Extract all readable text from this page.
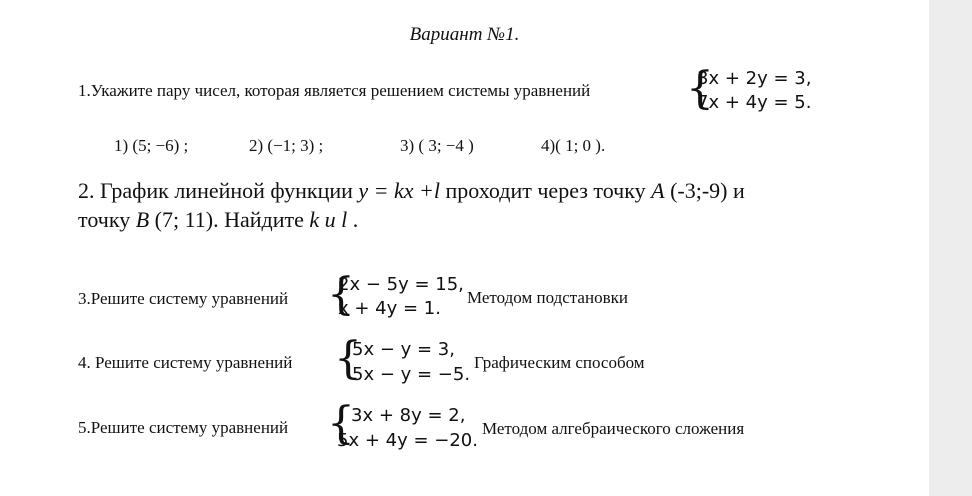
Вариант №1.
1.Укажите пару чисел, которая является решением системы уравнений {
3x + 2y = 3,
7x + 4y = 5.
1) (5; −6) ;	2) (−1; 3) ;	3) ( 3; −4 )	4)( 1; 0 ).
2. График линейной функции y = kx +l проходит через точку A (-3;-9) и
точку B (7; 11). Найдите k u l .
3.Решите систему уравнений {
2x − 5y = 15,
x + 4y = 1.
Методом подстановки
4. Решите систему уравнений {
5x − y = 3,
5x − y = −5.
Графическим способом
5.Решите систему уравнений {
3x + 8y = 2,
5x + 4y = −20.
Методом алгебраического сложения
